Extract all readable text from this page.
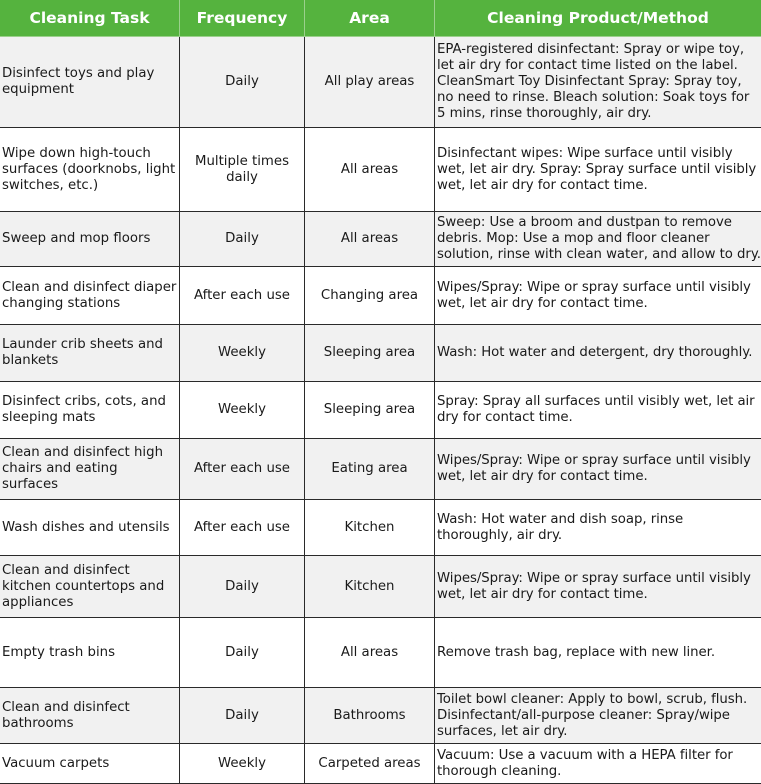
Cleaning Task	Frequency	Area	Cleaning Product/Method
Disinfect toys and play equipment	Daily	All play areas	EPA-registered disinfectant: Spray or wipe toy, let air dry for contact time listed on the label. CleanSmart Toy Disinfectant Spray: Spray toy, no need to rinse. Bleach solution: Soak toys for 5 mins, rinse thoroughly, air dry.
Wipe down high-touch surfaces (doorknobs, light switches, etc.)	Multiple times daily	All areas	Disinfectant wipes: Wipe surface until visibly wet, let air dry. Spray: Spray surface until visibly wet, let air dry for contact time.
Sweep and mop floors	Daily	All areas	Sweep: Use a broom and dustpan to remove debris. Mop: Use a mop and floor cleaner solution, rinse with clean water, and allow to dry.
Clean and disinfect diaper changing stations	After each use	Changing area	Wipes/Spray: Wipe or spray surface until visibly wet, let air dry for contact time.
Launder crib sheets and blankets	Weekly	Sleeping area	Wash: Hot water and detergent, dry thoroughly.
Disinfect cribs, cots, and sleeping mats	Weekly	Sleeping area	Spray: Spray all surfaces until visibly wet, let air dry for contact time.
Clean and disinfect high chairs and eating surfaces	After each use	Eating area	Wipes/Spray: Wipe or spray surface until visibly wet, let air dry for contact time.
Wash dishes and utensils	After each use	Kitchen	Wash: Hot water and dish soap, rinse thoroughly, air dry.
Clean and disinfect kitchen countertops and appliances	Daily	Kitchen	Wipes/Spray: Wipe or spray surface until visibly wet, let air dry for contact time.
Empty trash bins	Daily	All areas	Remove trash bag, replace with new liner.
Clean and disinfect bathrooms	Daily	Bathrooms	Toilet bowl cleaner: Apply to bowl, scrub, flush. Disinfectant/all-purpose cleaner: Spray/wipe surfaces, let air dry.
Vacuum carpets	Weekly	Carpeted areas	Vacuum: Use a vacuum with a HEPA filter for thorough cleaning.
